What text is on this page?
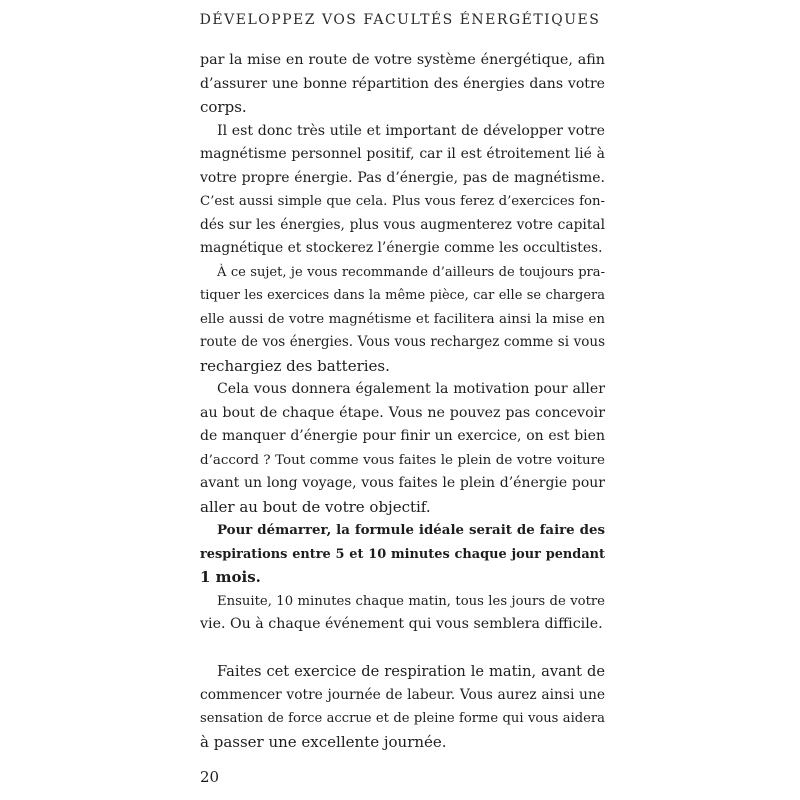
DÉVELOPPEZ VOS FACULTÉS ÉNERGÉTIQUES
par la mise en route de votre système énergétique, afin
d’assurer une bonne répartition des énergies dans votre
corps.
Il est donc très utile et important de développer votre
magnétisme personnel positif, car il est étroitement lié à
votre propre énergie. Pas d’énergie, pas de magnétisme.
C’est aussi simple que cela. Plus vous ferez d’exercices fon-
dés sur les énergies, plus vous augmenterez votre capital
magnétique et stockerez l’énergie comme les occultistes.
À ce sujet, je vous recommande d’ailleurs de toujours pra-
tiquer les exercices dans la même pièce, car elle se chargera
elle aussi de votre magnétisme et facilitera ainsi la mise en
route de vos énergies. Vous vous rechargez comme si vous
rechargiez des batteries.
Cela vous donnera également la motivation pour aller
au bout de chaque étape. Vous ne pouvez pas concevoir
de manquer d’énergie pour finir un exercice, on est bien
d’accord ? Tout comme vous faites le plein de votre voiture
avant un long voyage, vous faites le plein d’énergie pour
aller au bout de votre objectif.
Pour démarrer, la formule idéale serait de faire des
respirations entre 5 et 10 minutes chaque jour pendant
1 mois.
Ensuite, 10 minutes chaque matin, tous les jours de votre
vie. Ou à chaque événement qui vous semblera difficile.
Faites cet exercice de respiration le matin, avant de
commencer votre journée de labeur. Vous aurez ainsi une
sensation de force accrue et de pleine forme qui vous aidera
à passer une excellente journée.
20
